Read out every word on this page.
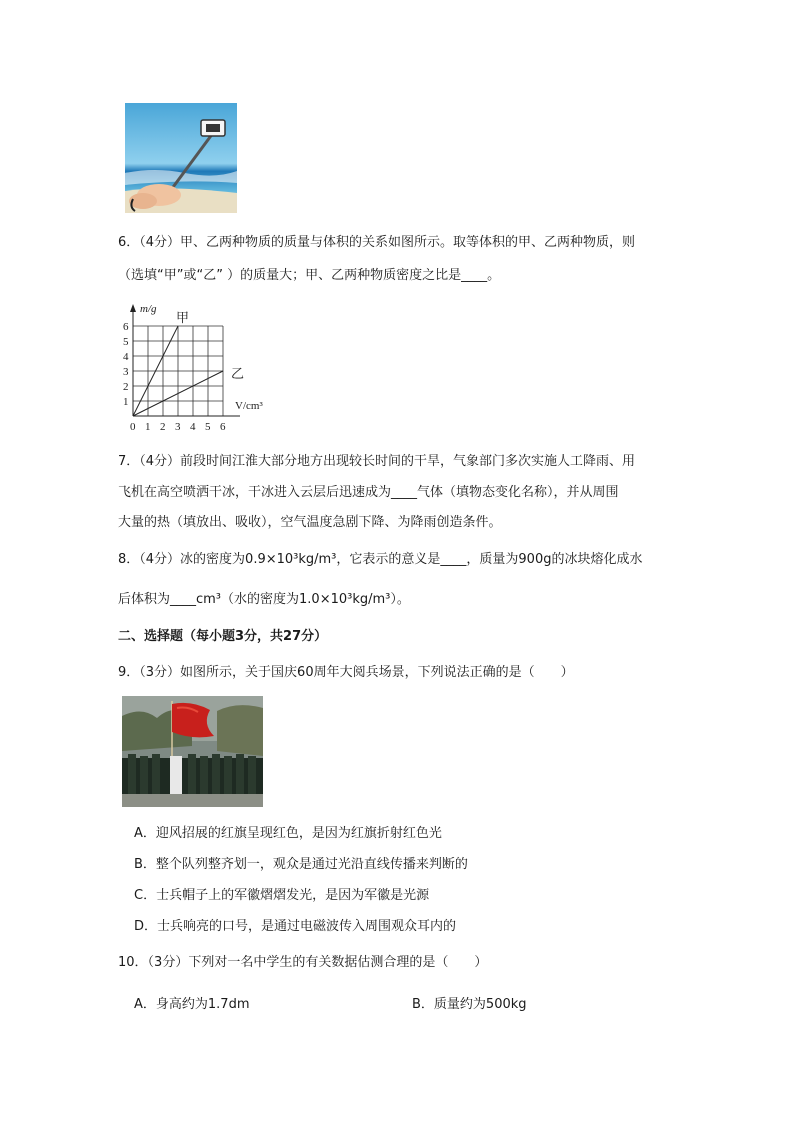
6．（4分）甲、乙两种物质的质量与体积的关系如图所示。取等体积的甲、乙两种物质，则
（选填“甲”或“乙” ）的质量大；甲、乙两种物质密度之比是____。
1
2
3
4
5
6
0 1 2 3 4 5 6
m/g
V/cm³
甲
乙
7．（4分）前段时间江淮大部分地方出现较长时间的干旱，气象部门多次实施人工降雨、用
飞机在高空喷洒干冰，干冰进入云层后迅速成为____气体（填物态变化名称），并从周围
大量的热（填放出、吸收），空气温度急剧下降、为降雨创造条件。
8．（4分）冰的密度为0.9×10³kg/m³，它表示的意义是____，质量为900g的冰块熔化成水
后体积为____cm³（水的密度为1.0×10³kg/m³）。
二、选择题（每小题3分，共27分）
9．（3分）如图所示，关于国庆60周年大阅兵场景，下列说法正确的是（　　）
A．迎风招展的红旗呈现红色，是因为红旗折射红色光
B．整个队列整齐划一，观众是通过光沿直线传播来判断的
C．士兵帽子上的军徽熠熠发光，是因为军徽是光源
D．士兵响亮的口号，是通过电磁波传入周围观众耳内的
10．（3分）下列对一名中学生的有关数据估测合理的是（　　）
A．身高约为1.7dm	B．质量约为500kg
